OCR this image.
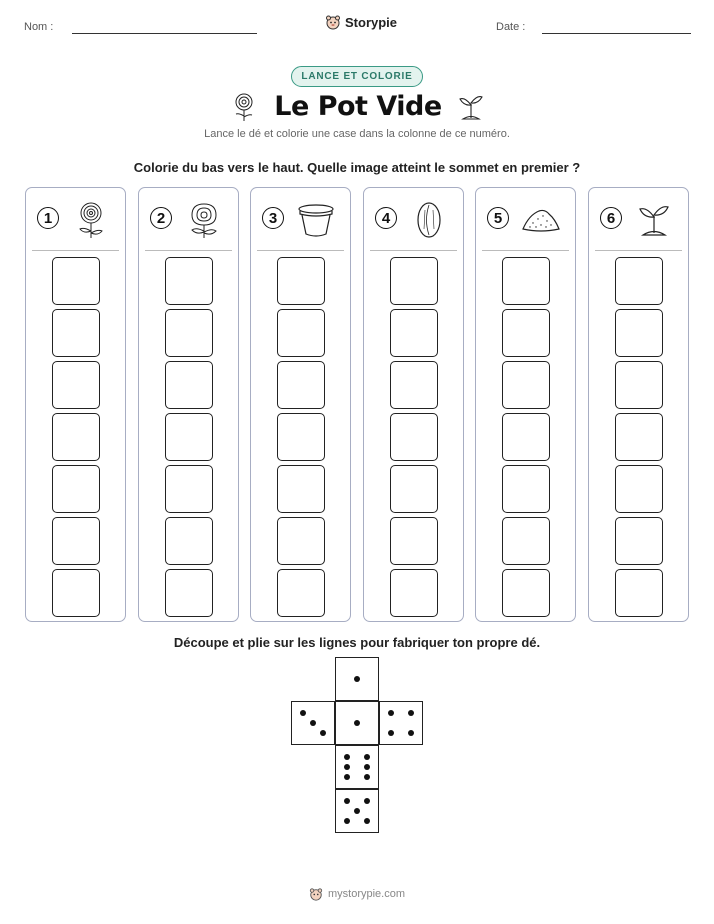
Nom :	Storypie	Date :
LANCE ET COLORIE
Le Pot Vide
Lance le dé et colorie une case dans la colonne de ce numéro.
Colorie du bas vers le haut. Quelle image atteint le sommet en premier ?
1	2	3	4	5	6
Découpe et plie sur les lignes pour fabriquer ton propre dé.
mystorypie.com
